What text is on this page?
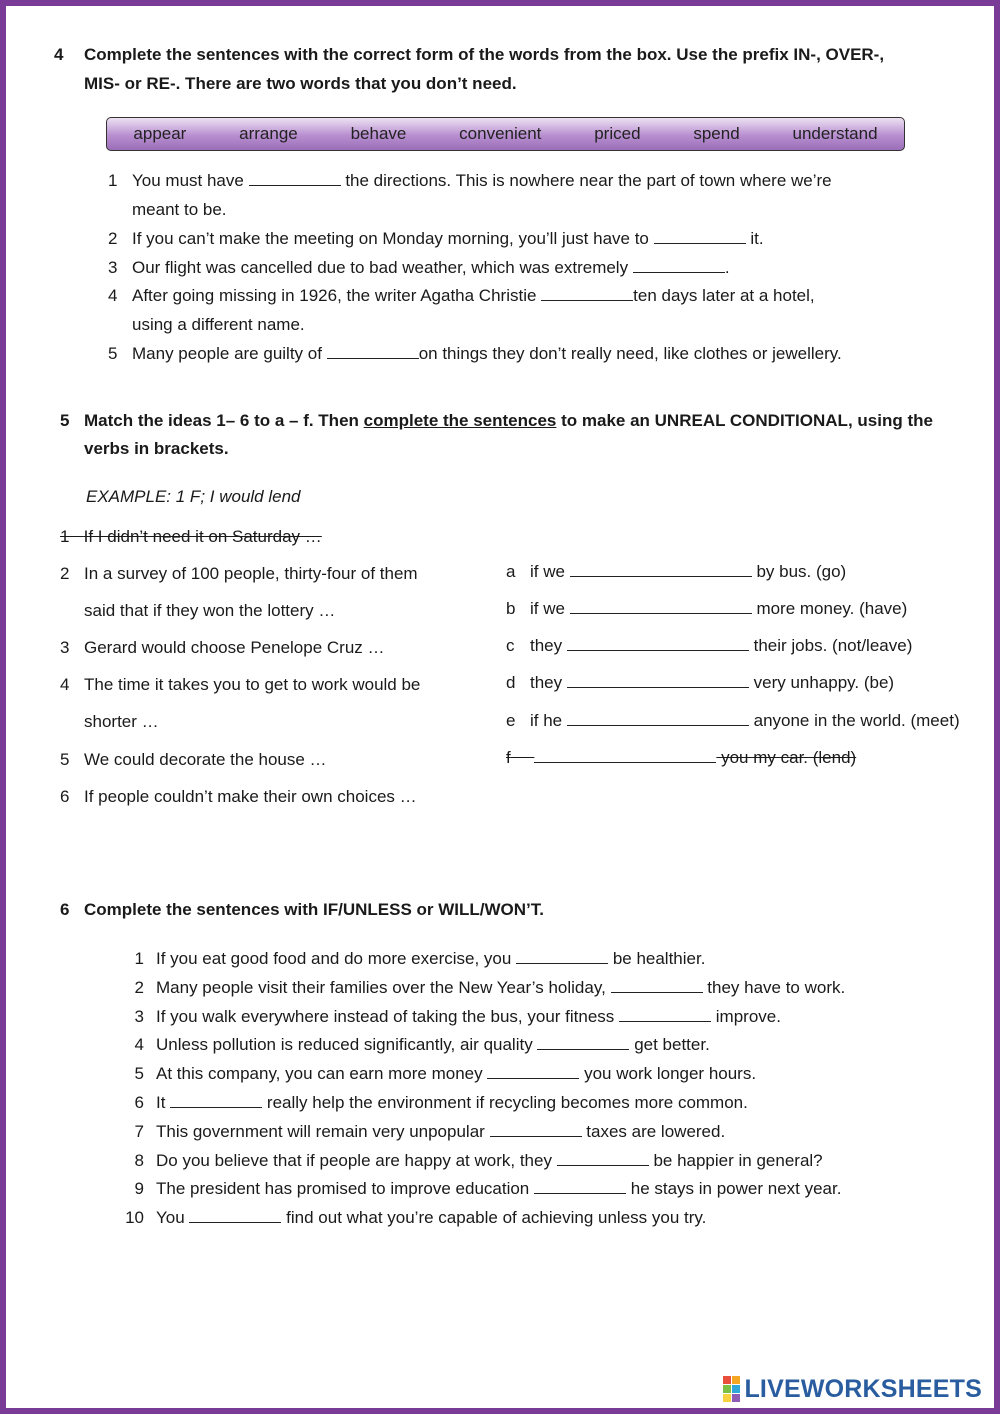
4 Complete the sentences with the correct form of the words from the box. Use the prefix IN-, OVER-,
MIS- or RE-. There are two words that you don’t need.
appear	arrange	behave	convenient	priced	spend	understand
1 You must have	the directions. This is nowhere near the part of town where we’re
meant to be.
2 If you can’t make the meeting on Monday morning, you’ll just have to	it.
3 Our flight was cancelled due to bad weather, which was extremely	.
4 After going missing in 1926, the writer Agatha Christie	ten days later at a hotel,
using a different name.
5 Many people are guilty of	on things they don’t really need, like clothes or jewellery.
5 Match the ideas 1– 6 to a – f. Then complete the sentences to make an UNREAL CONDITIONAL, using the
verbs in brackets.
EXAMPLE: 1 F; I would lend
1 If I didn’t need it on Saturday …
2 In a survey of 100 people, thirty-four of them
said that if they won the lottery …
3 Gerard would choose Penelope Cruz …
4 The time it takes you to get to work would be
shorter …
5 We could decorate the house …
6 If people couldn’t make their own choices …
a if we	by bus. (go)
b if we	more money. (have)
c they	their jobs. (not/leave)
d they	very unhappy. (be)
e if he	anyone in the world. (meet)
f	you my car. (lend)
6 Complete the sentences with IF/UNLESS or WILL/WON’T.
LIVEWORKSHEETS
1 If you eat good food and do more exercise, you	be healthier.
2 Many people visit their families over the New Year’s holiday,	they have to work.
3 If you walk everywhere instead of taking the bus, your fitness	improve.
4 Unless pollution is reduced significantly, air quality	get better.
5 At this company, you can earn more money	you work longer hours.
6 It	really help the environment if recycling becomes more common.
7 This government will remain very unpopular	taxes are lowered.
8 Do you believe that if people are happy at work, they	be happier in general?
9 The president has promised to improve education	he stays in power next year.
10 You	find out what you’re capable of achieving unless you try.
